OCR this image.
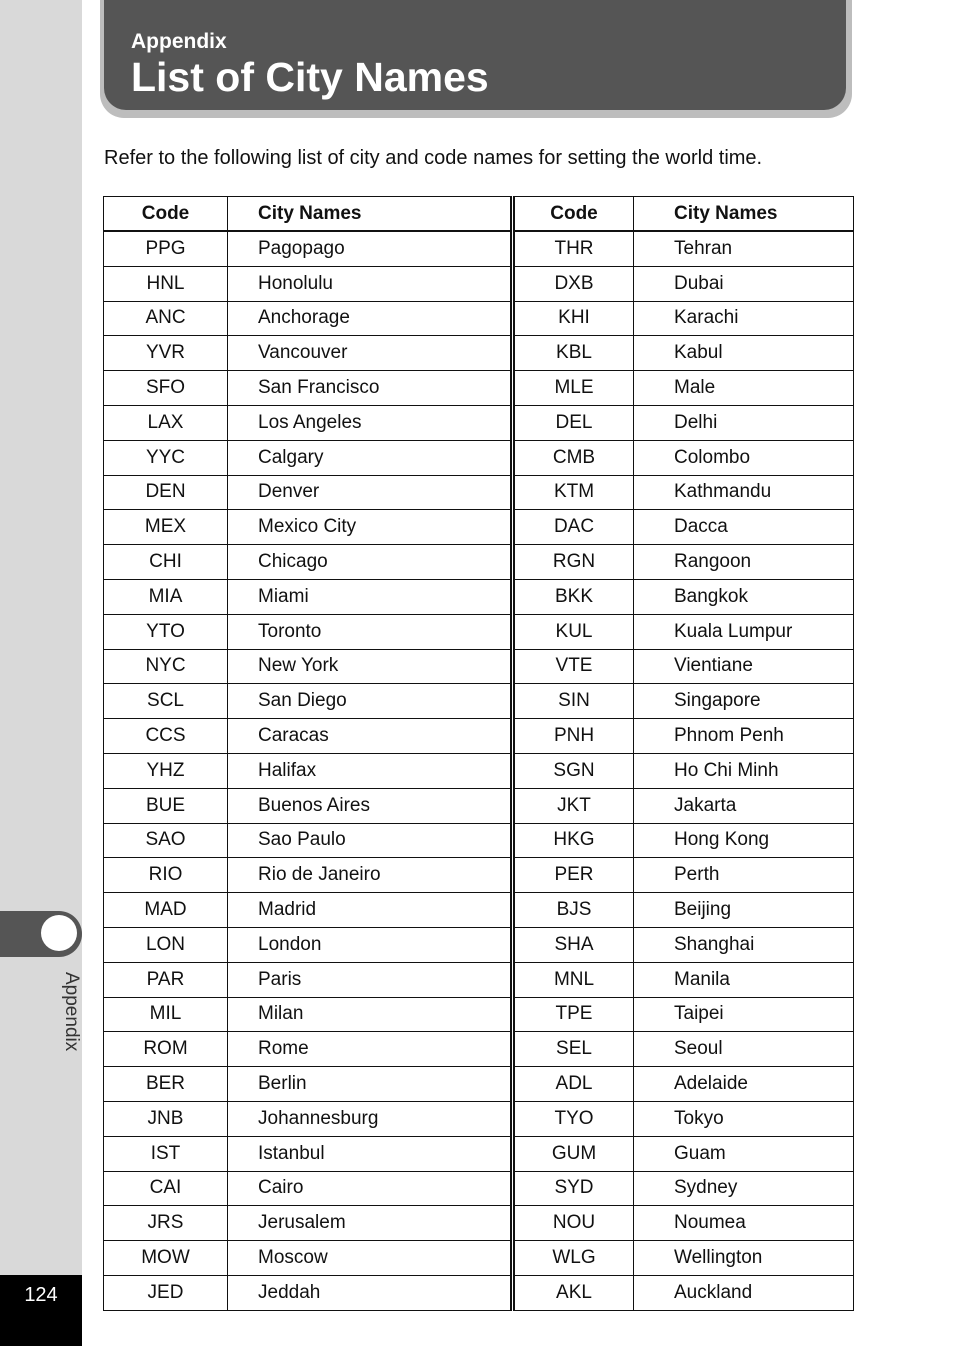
Appendix
124
Appendix
List of City Names
Refer to the following list of city and code names for setting the world time.
Code	City Names	Code	City Names
PPG	Pagopago	THR	Tehran
HNL	Honolulu	DXB	Dubai
ANC	Anchorage	KHI	Karachi
YVR	Vancouver	KBL	Kabul
SFO	San Francisco	MLE	Male
LAX	Los Angeles	DEL	Delhi
YYC	Calgary	CMB	Colombo
DEN	Denver	KTM	Kathmandu
MEX	Mexico City	DAC	Dacca
CHI	Chicago	RGN	Rangoon
MIA	Miami	BKK	Bangkok
YTO	Toronto	KUL	Kuala Lumpur
NYC	New York	VTE	Vientiane
SCL	San Diego	SIN	Singapore
CCS	Caracas	PNH	Phnom Penh
YHZ	Halifax	SGN	Ho Chi Minh
BUE	Buenos Aires	JKT	Jakarta
SAO	Sao Paulo	HKG	Hong Kong
RIO	Rio de Janeiro	PER	Perth
MAD	Madrid	BJS	Beijing
LON	London	SHA	Shanghai
PAR	Paris	MNL	Manila
MIL	Milan	TPE	Taipei
ROM	Rome	SEL	Seoul
BER	Berlin	ADL	Adelaide
JNB	Johannesburg	TYO	Tokyo
IST	Istanbul	GUM	Guam
CAI	Cairo	SYD	Sydney
JRS	Jerusalem	NOU	Noumea
MOW	Moscow	WLG	Wellington
JED	Jeddah	AKL	Auckland
